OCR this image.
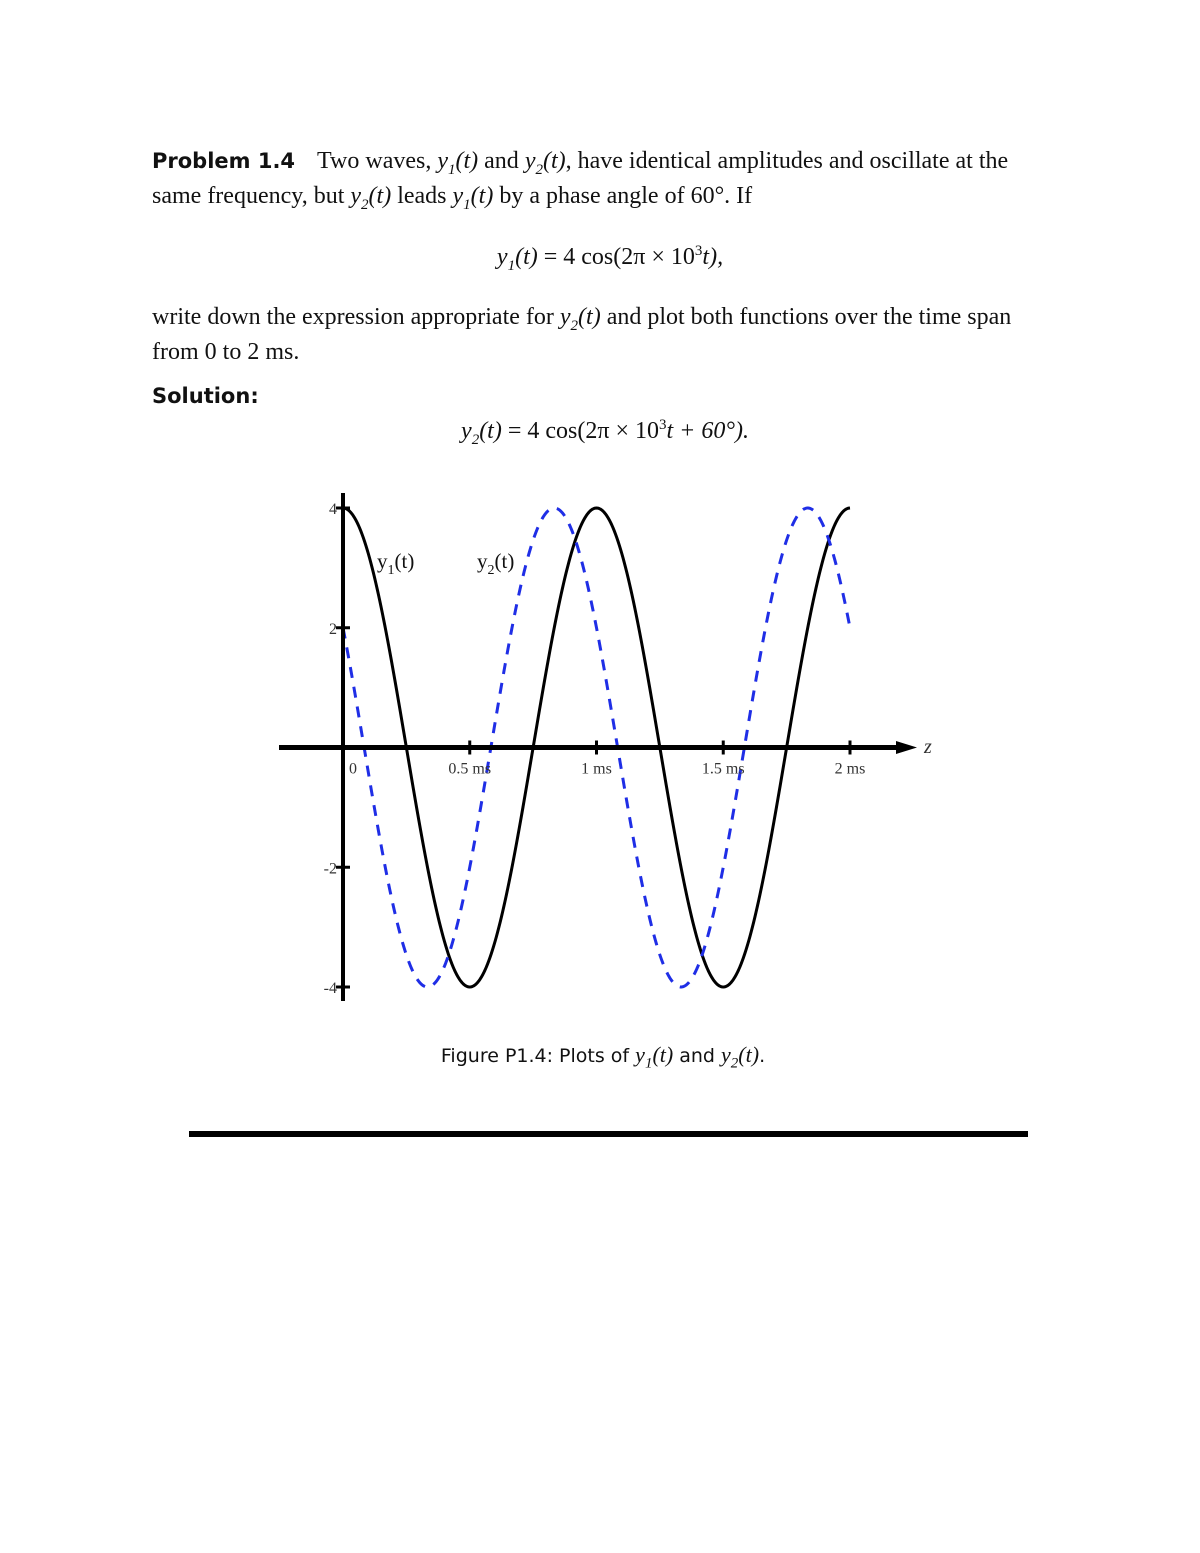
Problem 1.4 Two waves, $y_1(t)$ and $y_2(t)$, have identical amplitudes and oscillate at the same frequency, but $y_2(t)$ leads $y_1(t)$ by a phase angle of 60°. If
$y_1(t) = 4$ $\cos(2\pi \times 10^3t)$,
write down the expression appropriate for $y_2(t)$ and plot both functions over the time span from 0 to 2 ms.
Solution:
$y_2(t) = 4$ $\cos(2\pi \times 10^3t + 60^\circ)$.
4
2
-2
-4
0	0.5 ms	1 ms	1.5 ms	2 ms
z
$y_1(t)$	$y_2(t)$
Figure P1.4: Plots of $y_1(t)$ and $y_2(t)$.
